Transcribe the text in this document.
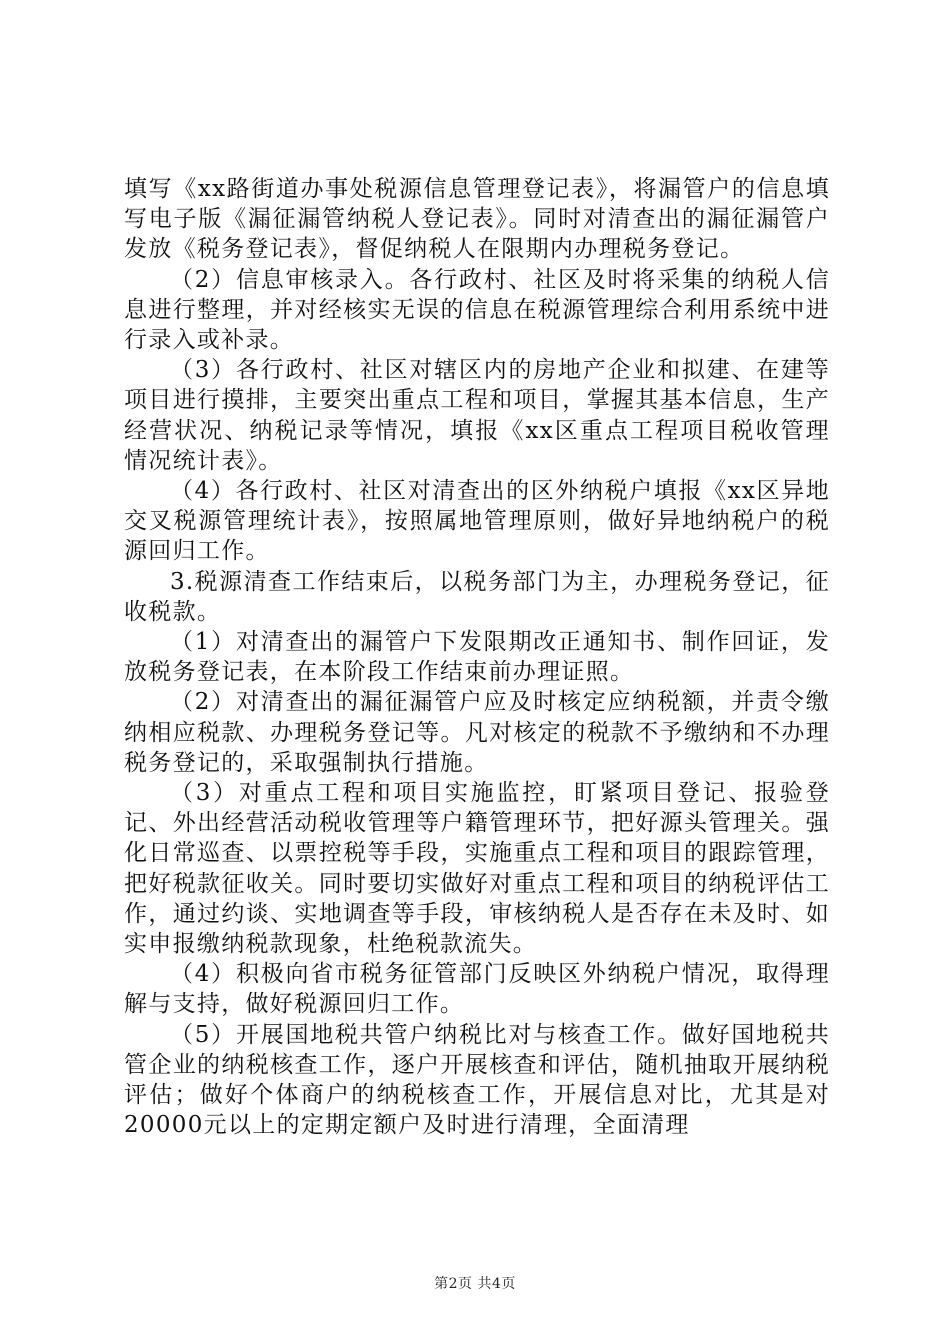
填写《xx路街道办事处税源信息管理登记表》，将漏管户的信息填写电子版《漏征漏管纳税人登记表》。同时对清查出的漏征漏管户发放《税务登记表》，督促纳税人在限期内办理税务登记。

（2）信息审核录入。各行政村、社区及时将采集的纳税人信息进行整理，并对经核实无误的信息在税源管理综合利用系统中进行录入或补录。

（3）各行政村、社区对辖区内的房地产企业和拟建、在建等项目进行摸排，主要突出重点工程和项目，掌握其基本信息，生产经营状况、纳税记录等情况，填报《xx区重点工程项目税收管理情况统计表》。

（4）各行政村、社区对清查出的区外纳税户填报《xx区异地交叉税源管理统计表》，按照属地管理原则，做好异地纳税户的税源回归工作。

3.税源清查工作结束后，以税务部门为主，办理税务登记，征收税款。

（1）对清查出的漏管户下发限期改正通知书、制作回证，发放税务登记表，在本阶段工作结束前办理证照。

（2）对清查出的漏征漏管户应及时核定应纳税额，并责令缴纳相应税款、办理税务登记等。凡对核定的税款不予缴纳和不办理税务登记的，采取强制执行措施。

（3）对重点工程和项目实施监控，盯紧项目登记、报验登记、外出经营活动税收管理等户籍管理环节，把好源头管理关。强化日常巡查、以票控税等手段，实施重点工程和项目的跟踪管理，把好税款征收关。同时要切实做好对重点工程和项目的纳税评估工作，通过约谈、实地调查等手段，审核纳税人是否存在未及时、如实申报缴纳税款现象，杜绝税款流失。

（4）积极向省市税务征管部门反映区外纳税户情况，取得理解与支持，做好税源回归工作。

（5）开展国地税共管户纳税比对与核查工作。做好国地税共管企业的纳税核查工作，逐户开展核查和评估，随机抽取开展纳税评估；做好个体商户的纳税核查工作，开展信息对比，尤其是对20000元以上的定期定额户及时进行清理，全面清理

第2页 共4页
